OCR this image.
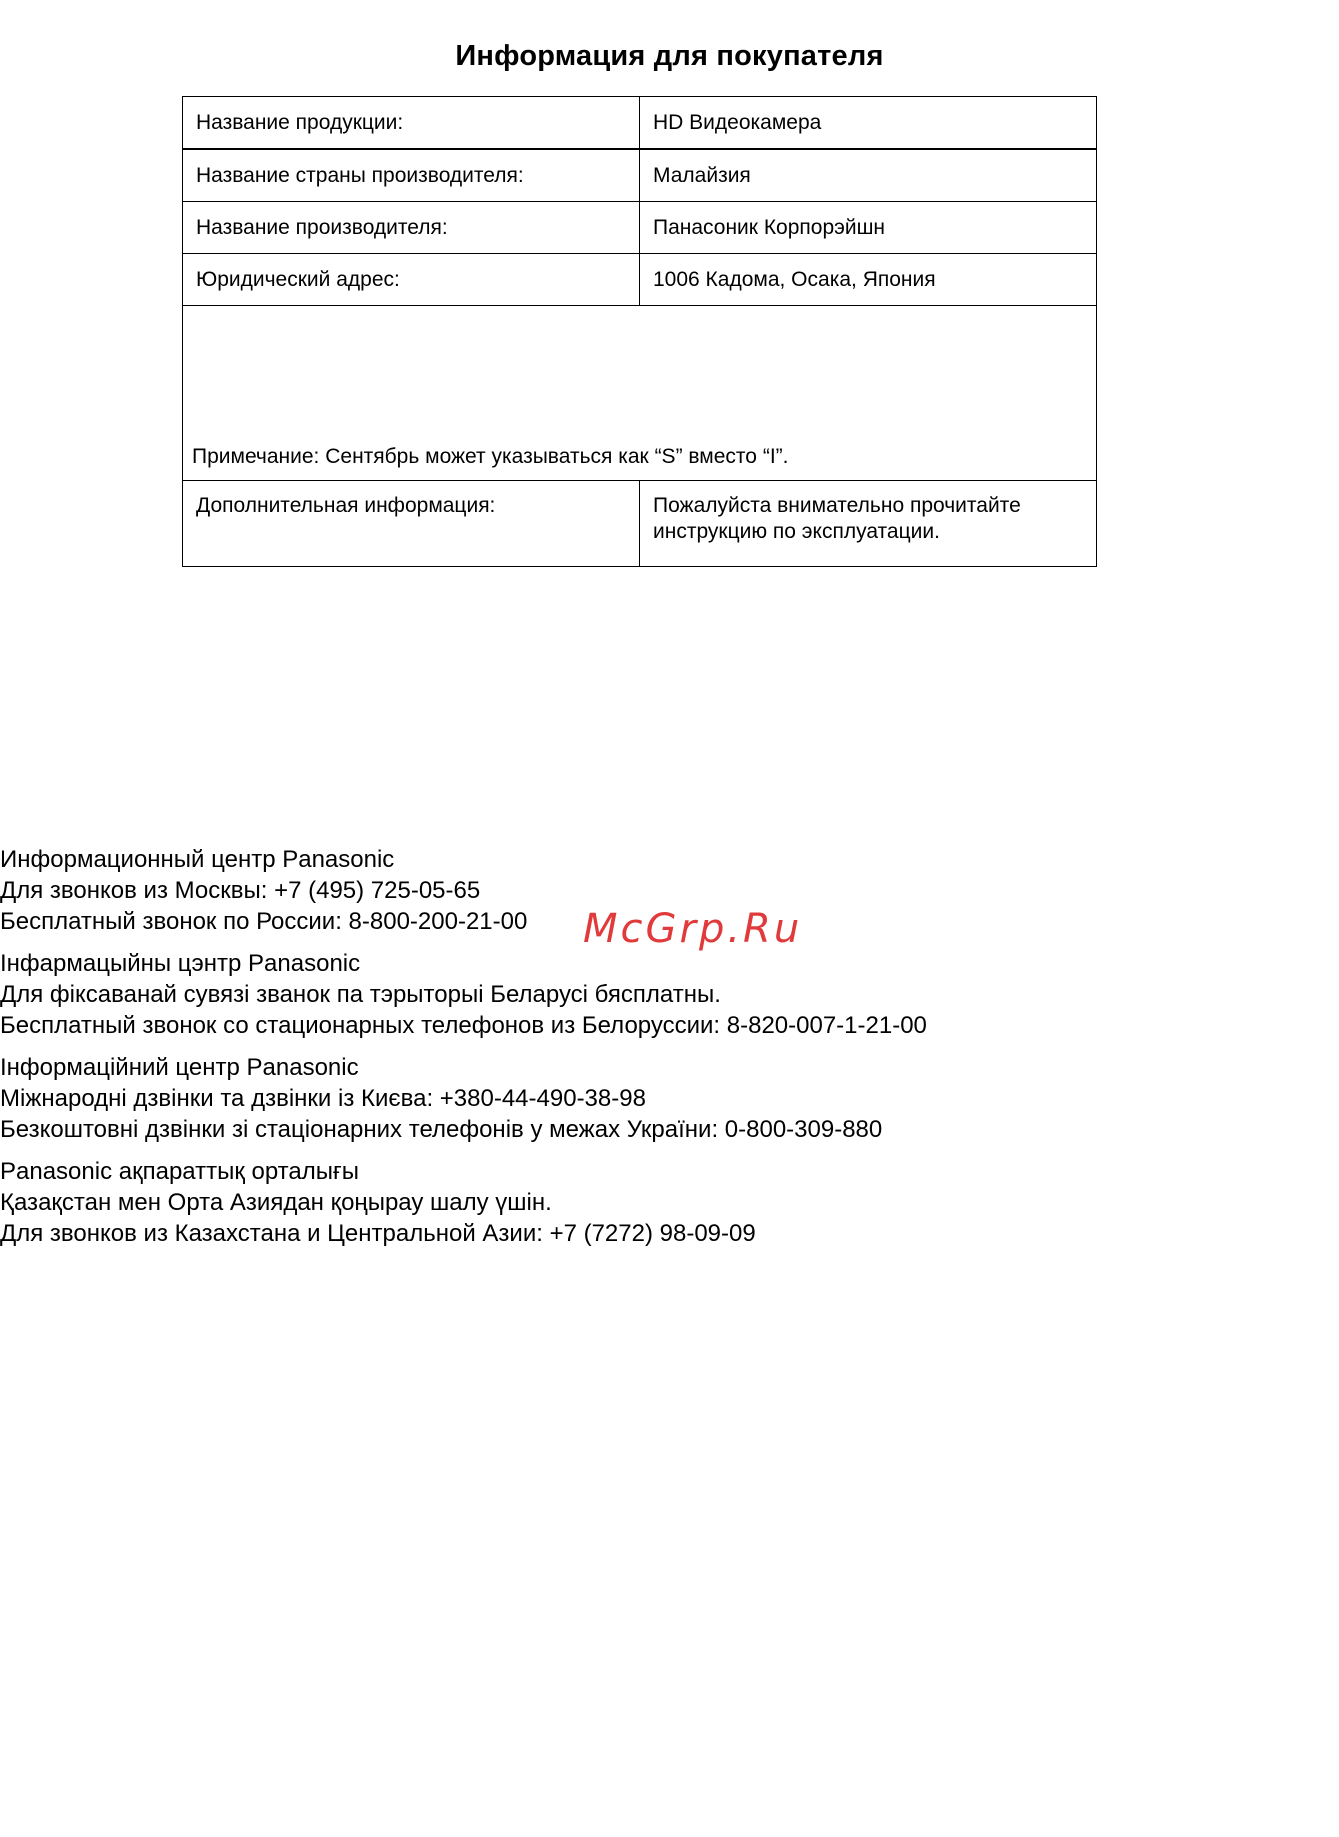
Информация для покупателя
Название продукции:	HD Видеокамера
Название страны производителя:	Малайзия
Название производителя:	Панасоник Корпорэйшн
Юридический адрес:	1006 Кадома, Осака, Япония
Примечание: Сентябрь может указываться как “S” вместо “I”.	
Дополнительная информация:	Пожалуйста внимательно прочитайте инструкцию по эксплуатации.
Информационный центр Panasonic
Для звонков из Москвы: +7 (495) 725-05-65
Бесплатный звонок по России: 8-800-200-21-00
Інфармацыйны цэнтр Panasonic
Для фіксаванай сувязі званок па тэрыторыі Беларусі бясплатны.
Бесплатный звонок со стационарных телефонов из Белоруссии: 8-820-007-1-21-00
Інформаційний центр Panasonic
Міжнародні дзвінки та дзвінки із Києва: +380-44-490-38-98
Безкоштовні дзвінки зі стаціонарних телефонів у межах України: 0-800-309-880
Panasonic ақпараттық орталығы
Қазақстан мен Орта Азиядан қоңырау шалу үшін.
Для звонков из Казахстана и Центральной Азии: +7 (7272) 98-09-09
McGrp.Ru
